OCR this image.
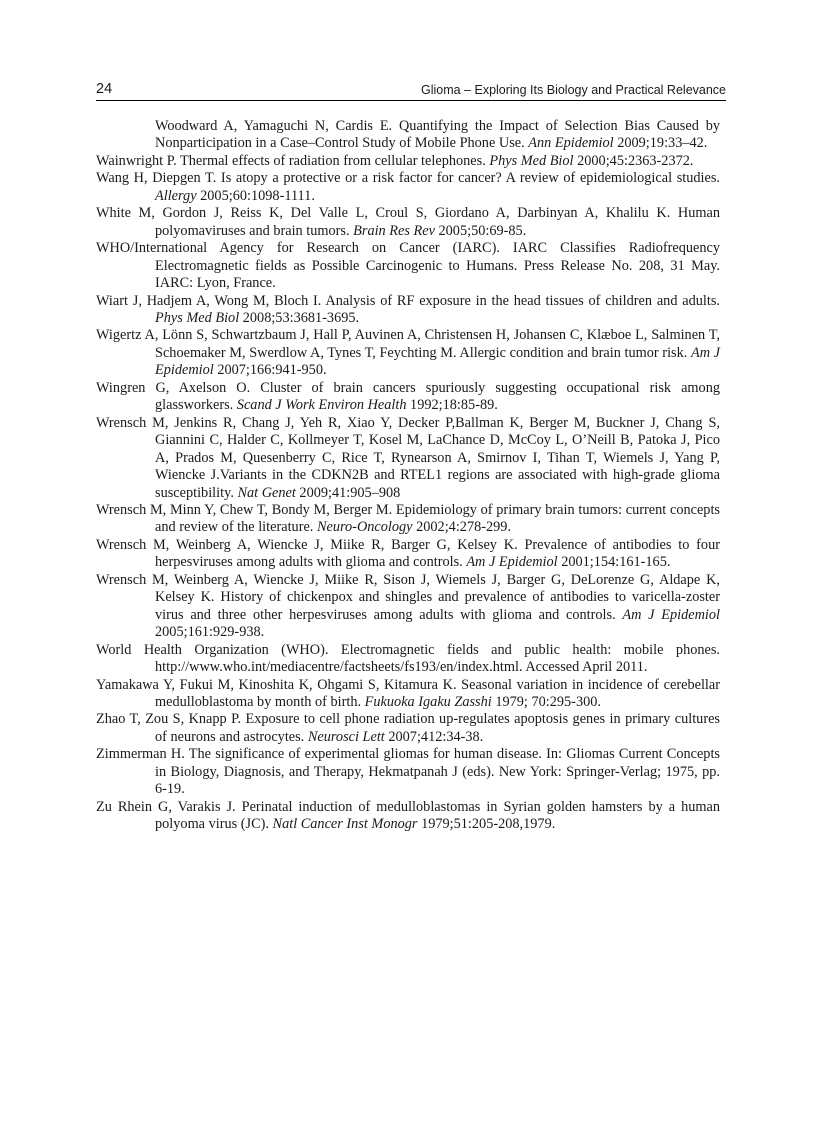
24	Glioma – Exploring Its Biology and Practical Relevance

Woodward A, Yamaguchi N, Cardis E. Quantifying the Impact of Selection Bias Caused by Nonparticipation in a Case–Control Study of Mobile Phone Use. Ann Epidemiol 2009;19:33–42.

Wainwright P. Thermal effects of radiation from cellular telephones. Phys Med Biol 2000;45:2363-2372.

Wang H, Diepgen T. Is atopy a protective or a risk factor for cancer? A review of epidemiological studies. Allergy 2005;60:1098-1111.

White M, Gordon J, Reiss K, Del Valle L, Croul S, Giordano A, Darbinyan A, Khalilu K. Human polyomaviruses and brain tumors. Brain Res Rev 2005;50:69-85.

WHO/International Agency for Research on Cancer (IARC). IARC Classifies Radiofrequency Electromagnetic fields as Possible Carcinogenic to Humans. Press Release No. 208, 31 May. IARC: Lyon, France.

Wiart J, Hadjem A, Wong M, Bloch I. Analysis of RF exposure in the head tissues of children and adults. Phys Med Biol 2008;53:3681-3695.

Wigertz A, Lönn S, Schwartzbaum J, Hall P, Auvinen A, Christensen H, Johansen C, Klæboe L, Salminen T, Schoemaker M, Swerdlow A, Tynes T, Feychting M. Allergic condition and brain tumor risk. Am J Epidemiol 2007;166:941-950.

Wingren G, Axelson O. Cluster of brain cancers spuriously suggesting occupational risk among glassworkers. Scand J Work Environ Health 1992;18:85-89.

Wrensch M, Jenkins R, Chang J, Yeh R, Xiao Y, Decker P,Ballman K, Berger M, Buckner J, Chang S, Giannini C, Halder C, Kollmeyer T, Kosel M, LaChance D, McCoy L, O’Neill B, Patoka J, Pico A, Prados M, Quesenberry C, Rice T, Rynearson A, Smirnov I, Tihan T, Wiemels J, Yang P, Wiencke J.Variants in the CDKN2B and RTEL1 regions are associated with high-grade glioma susceptibility. Nat Genet 2009;41:905–908

Wrensch M, Minn Y, Chew T, Bondy M, Berger M. Epidemiology of primary brain tumors: current concepts and review of the literature. Neuro-Oncology 2002;4:278-299.

Wrensch M, Weinberg A, Wiencke J, Miike R, Barger G, Kelsey K. Prevalence of antibodies to four herpesviruses among adults with glioma and controls. Am J Epidemiol 2001;154:161-165.

Wrensch M, Weinberg A, Wiencke J, Miike R, Sison J, Wiemels J, Barger G, DeLorenze G, Aldape K, Kelsey K. History of chickenpox and shingles and prevalence of antibodies to varicella-zoster virus and three other herpesviruses among adults with glioma and controls. Am J Epidemiol 2005;161:929-938.

World Health Organization (WHO). Electromagnetic fields and public health: mobile phones. http://www.who.int/mediacentre/factsheets/fs193/en/index.html. Accessed April 2011.

Yamakawa Y, Fukui M, Kinoshita K, Ohgami S, Kitamura K. Seasonal variation in incidence of cerebellar medulloblastoma by month of birth. Fukuoka Igaku Zasshi 1979; 70:295-300.

Zhao T, Zou S, Knapp P. Exposure to cell phone radiation up-regulates apoptosis genes in primary cultures of neurons and astrocytes. Neurosci Lett 2007;412:34-38.

Zimmerman H. The significance of experimental gliomas for human disease. In: Gliomas Current Concepts in Biology, Diagnosis, and Therapy, Hekmatpanah J (eds). New York: Springer-Verlag; 1975, pp. 6-19.

Zu Rhein G, Varakis J. Perinatal induction of medulloblastomas in Syrian golden hamsters by a human polyoma virus (JC). Natl Cancer Inst Monogr 1979;51:205-208,1979.
